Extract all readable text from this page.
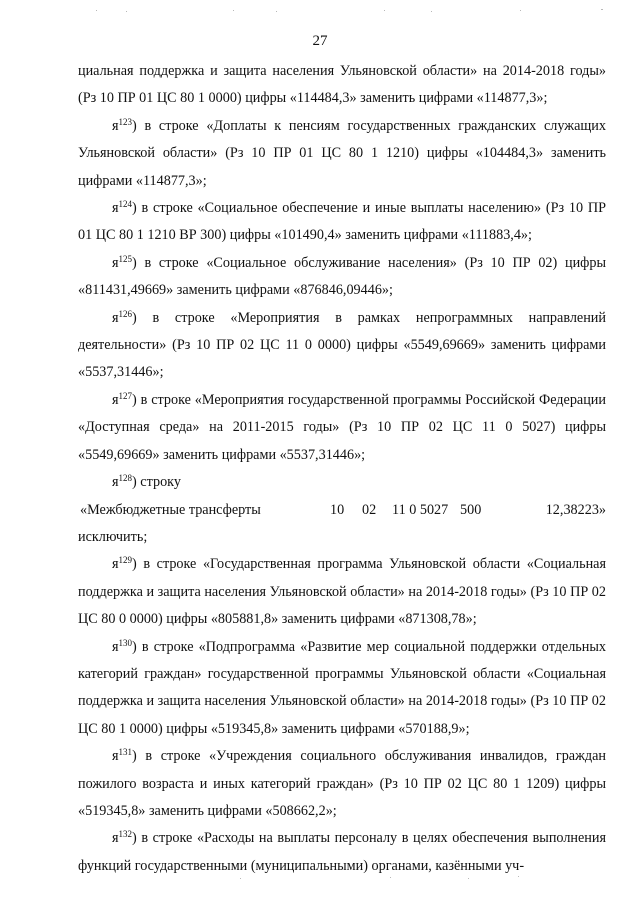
27

циальная поддержка и защита населения Ульяновской области» на 2014-2018 годы» (Рз 10 ПР 01 ЦС 80 1 0000) цифры «114484,3» заменить цифрами «114877,3»;

$я^{123}$) в строке «Доплаты к пенсиям государственных гражданских служащих Ульяновской области» (Рз 10 ПР 01 ЦС 80 1 1210) цифры «104484,3» заменить цифрами «114877,3»;

$я^{124}$) в строке «Социальное обеспечение и иные выплаты населению» (Рз 10 ПР 01 ЦС 80 1 1210 ВР 300) цифры «101490,4» заменить цифрами «111883,4»;

$я^{125}$) в строке «Социальное обслуживание населения» (Рз 10 ПР 02) цифры «811431,49669» заменить цифрами «876846,09446»;

$я^{126}$) в строке «Мероприятия в рамках непрограммных направлений деятельности» (Рз 10 ПР 02 ЦС 11 0 0000) цифры «5549,69669» заменить цифрами «5537,31446»;

$я^{127}$) в строке «Мероприятия государственной программы Российской Федерации «Доступная среда» на 2011-2015 годы» (Рз 10 ПР 02 ЦС 11 0 5027) цифры «5549,69669» заменить цифрами «5537,31446»;

$я^{128}$) строку

«Межбюджетные трансферты	10 02 11 0 5027 500	12,38223»

исключить;

$я^{129}$) в строке «Государственная программа Ульяновской области «Социальная поддержка и защита населения Ульяновской области» на 2014-2018 годы» (Рз 10 ПР 02 ЦС 80 0 0000) цифры «805881,8» заменить цифрами «871308,78»;

$я^{130}$) в строке «Подпрограмма «Развитие мер социальной поддержки отдельных категорий граждан» государственной программы Ульяновской области «Социальная поддержка и защита населения Ульяновской области» на 2014-2018 годы» (Рз 10 ПР 02 ЦС 80 1 0000) цифры «519345,8» заменить цифрами «570188,9»;

$я^{131}$) в строке «Учреждения социального обслуживания инвалидов, граждан пожилого возраста и иных категорий граждан» (Рз 10 ПР 02 ЦС 80 1 1209) цифры «519345,8» заменить цифрами «508662,2»;

$я^{132}$) в строке «Расходы на выплаты персоналу в целях обеспечения выполнения функций государственными (муниципальными) органами, казёнными уч-
